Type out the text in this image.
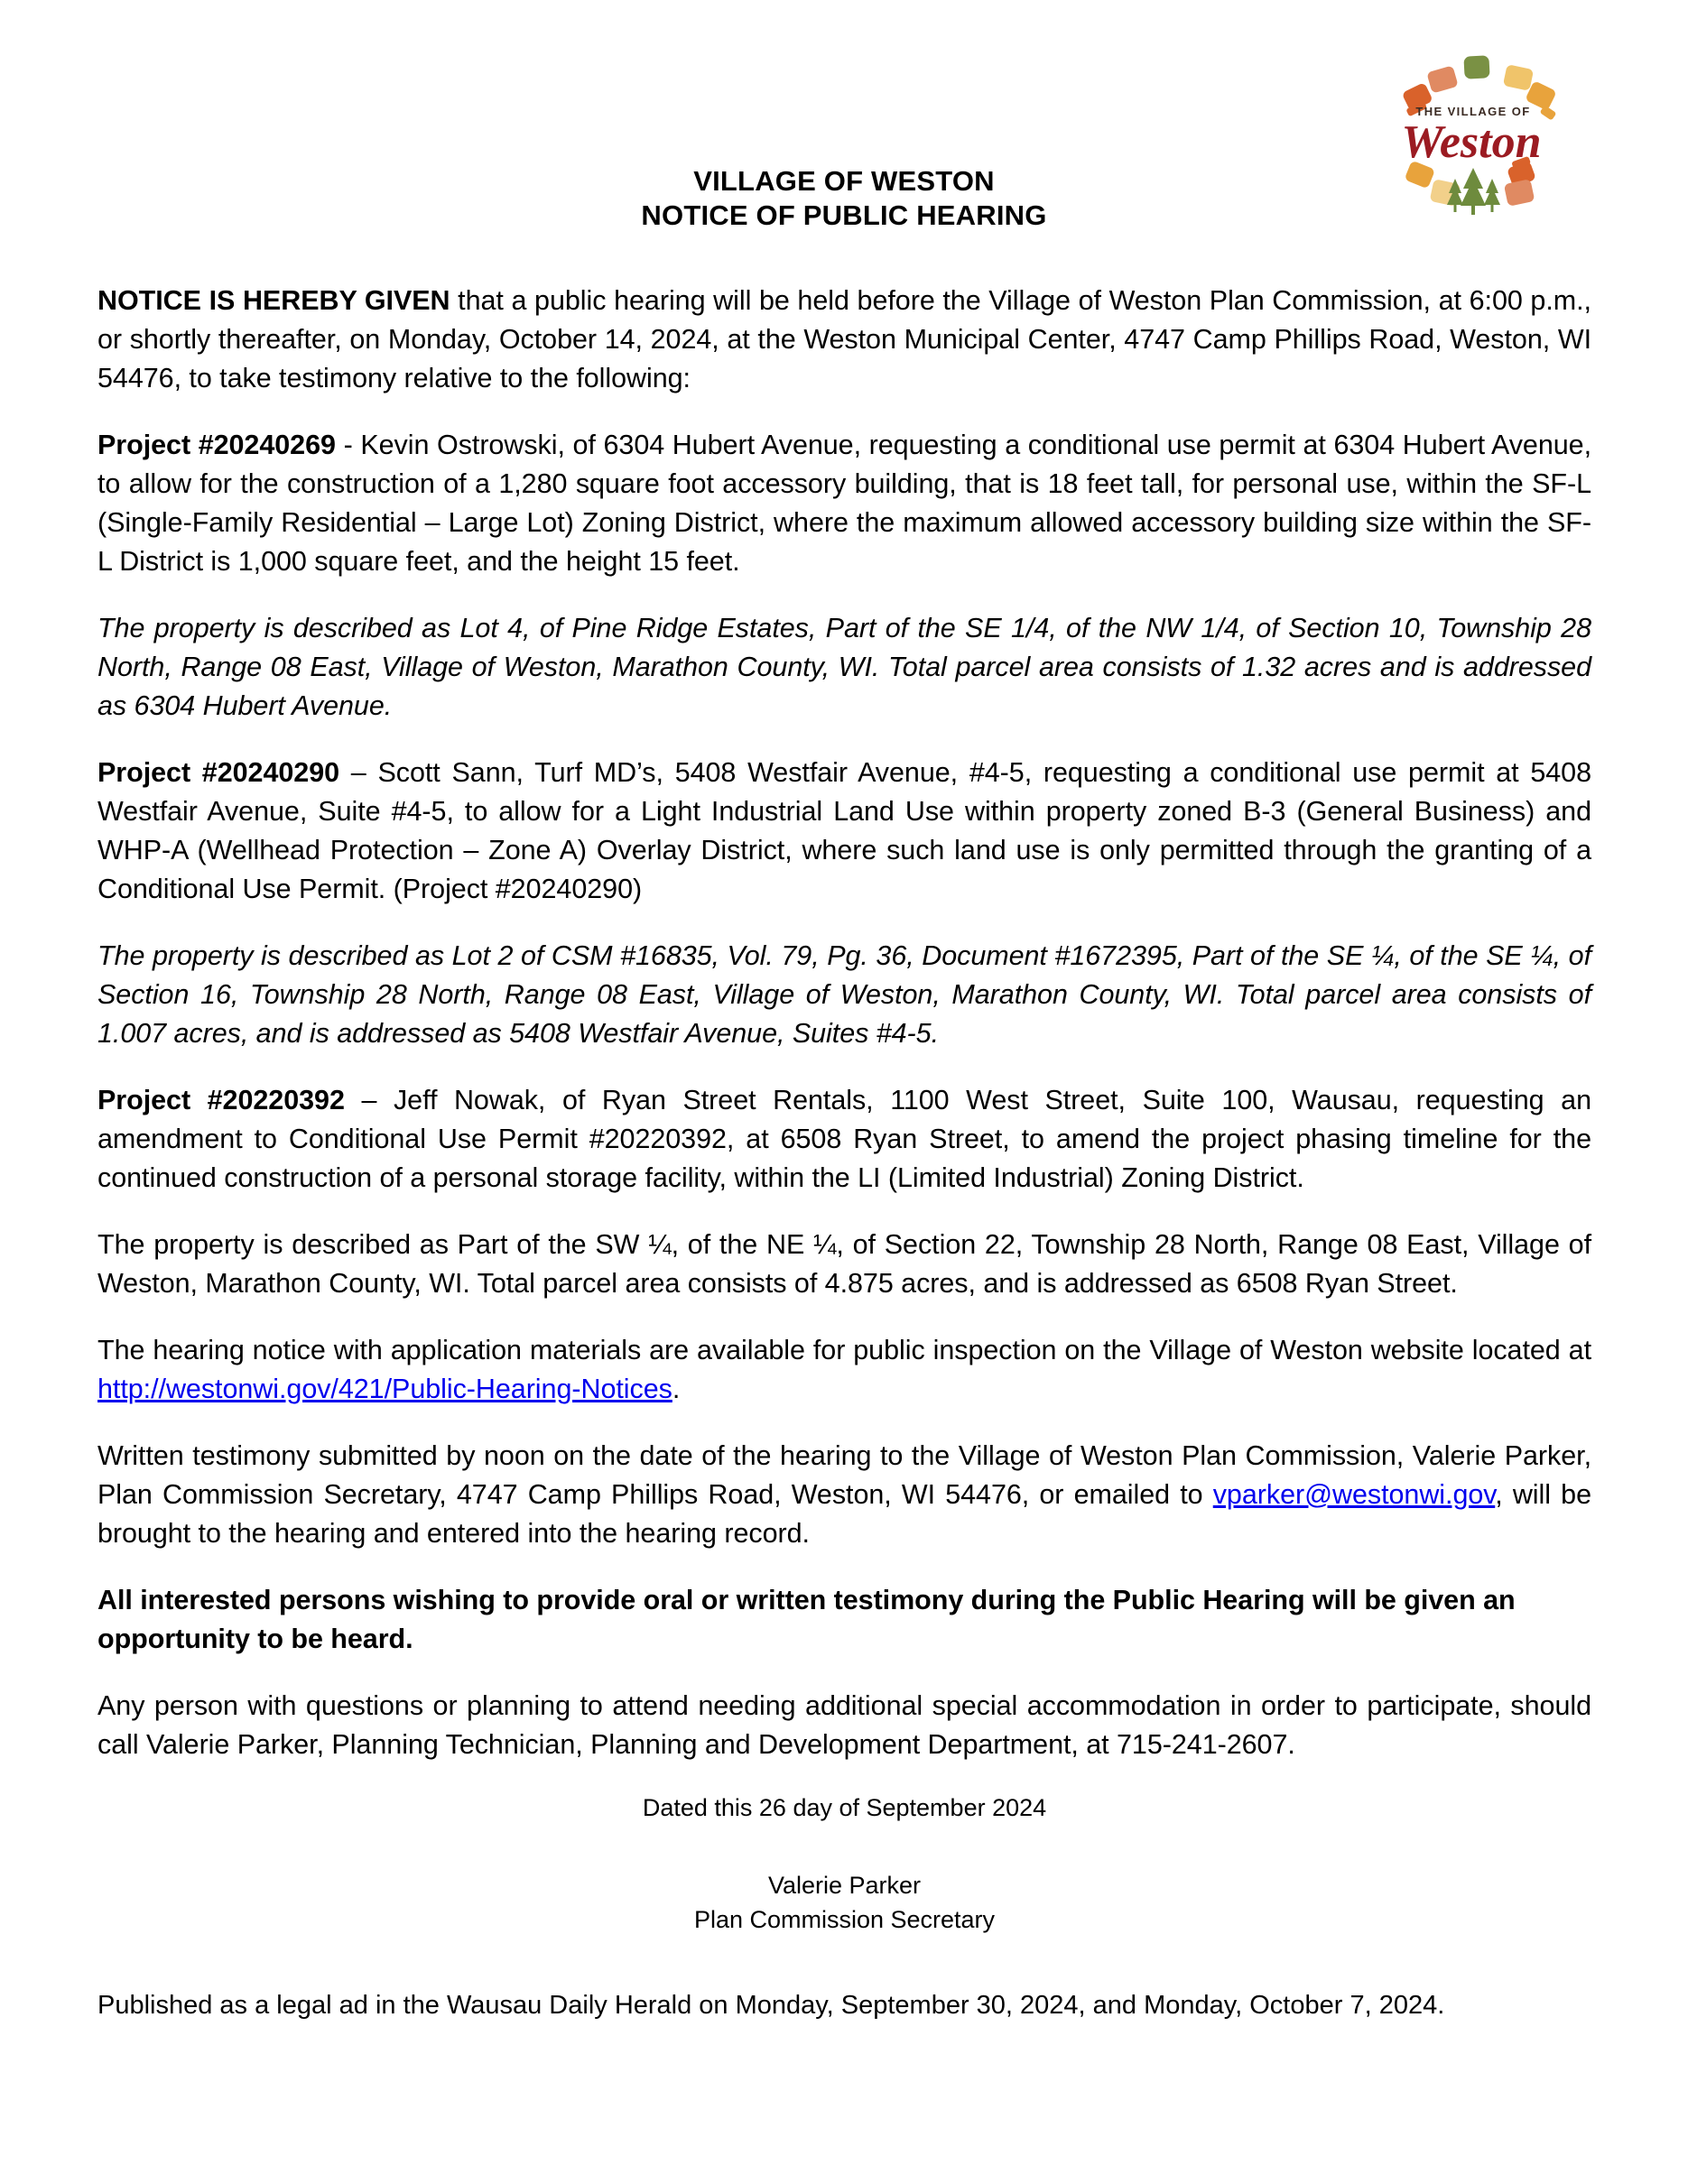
THE VILLAGE OF
Weston
VILLAGE OF WESTON
NOTICE OF PUBLIC HEARING

NOTICE IS HEREBY GIVEN that a public hearing will be held before the Village of Weston Plan Commission, at 6:00 p.m., or shortly thereafter, on Monday, October 14, 2024, at the Weston Municipal Center, 4747 Camp Phillips Road, Weston, WI 54476, to take testimony relative to the following:

Project #20240269 - Kevin Ostrowski, of 6304 Hubert Avenue, requesting a conditional use permit at 6304 Hubert Avenue, to allow for the construction of a 1,280 square foot accessory building, that is 18 feet tall, for personal use, within the SF-L (Single-Family Residential – Large Lot) Zoning District, where the maximum allowed accessory building size within the SF-L District is 1,000 square feet, and the height 15 feet.

The property is described as Lot 4, of Pine Ridge Estates, Part of the SE 1/4, of the NW 1/4, of Section 10, Township 28 North, Range 08 East, Village of Weston, Marathon County, WI. Total parcel area consists of 1.32 acres and is addressed as 6304 Hubert Avenue.

Project #20240290 – Scott Sann, Turf MD’s, 5408 Westfair Avenue, #4-5, requesting a conditional use permit at 5408 Westfair Avenue, Suite #4-5, to allow for a Light Industrial Land Use within property zoned B-3 (General Business) and WHP-A (Wellhead Protection – Zone A) Overlay District, where such land use is only permitted through the granting of a Conditional Use Permit. (Project #20240290)

The property is described as Lot 2 of CSM #16835, Vol. 79, Pg. 36, Document #1672395, Part of the SE ¼, of the SE ¼, of Section 16, Township 28 North, Range 08 East, Village of Weston, Marathon County, WI. Total parcel area consists of 1.007 acres, and is addressed as 5408 Westfair Avenue, Suites #4-5.

Project #20220392 – Jeff Nowak, of Ryan Street Rentals, 1100 West Street, Suite 100, Wausau, requesting an amendment to Conditional Use Permit #20220392, at 6508 Ryan Street, to amend the project phasing timeline for the continued construction of a personal storage facility, within the LI (Limited Industrial) Zoning District.

The property is described as Part of the SW ¼, of the NE ¼, of Section 22, Township 28 North, Range 08 East, Village of Weston, Marathon County, WI. Total parcel area consists of 4.875 acres, and is addressed as 6508 Ryan Street.

The hearing notice with application materials are available for public inspection on the Village of Weston website located at http://westonwi.gov/421/Public-Hearing-Notices.

Written testimony submitted by noon on the date of the hearing to the Village of Weston Plan Commission, Valerie Parker, Plan Commission Secretary, 4747 Camp Phillips Road, Weston, WI 54476, or emailed to vparker@westonwi.gov, will be brought to the hearing and entered into the hearing record.

All interested persons wishing to provide oral or written testimony during the Public Hearing will be given an opportunity to be heard.

Any person with questions or planning to attend needing additional special accommodation in order to participate, should call Valerie Parker, Planning Technician, Planning and Development Department, at 715-241-2607.

Dated this 26 day of September 2024
Valerie Parker
Plan Commission Secretary

Published as a legal ad in the Wausau Daily Herald on Monday, September 30, 2024, and Monday, October 7, 2024.
